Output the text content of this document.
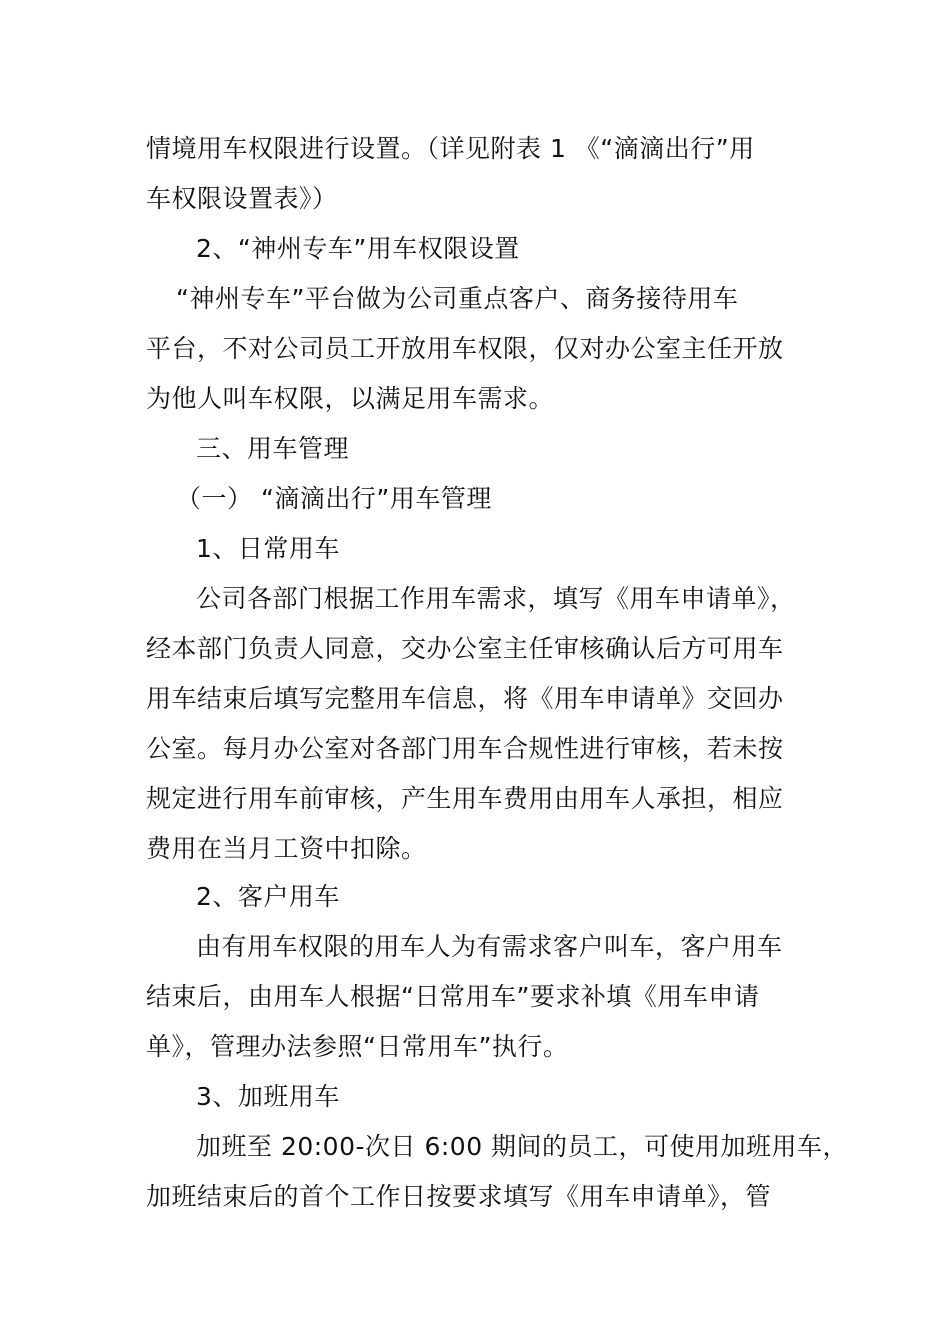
情境用车权限进行设置。（详见附表 1 《“滴滴出行”用
车权限设置表》）
2、“神州专车”用车权限设置
“神州专车”平台做为公司重点客户、商务接待用车
平台，不对公司员工开放用车权限，仅对办公室主任开放
为他人叫车权限，以满足用车需求。
三、用车管理
（一） “滴滴出行”用车管理
1、日常用车
公司各部门根据工作用车需求，填写《用车申请单》，
经本部门负责人同意，交办公室主任审核确认后方可用车
用车结束后填写完整用车信息，将《用车申请单》交回办
公室。每月办公室对各部门用车合规性进行审核，若未按
规定进行用车前审核，产生用车费用由用车人承担，相应
费用在当月工资中扣除。
2、客户用车
由有用车权限的用车人为有需求客户叫车，客户用车
结束后，由用车人根据“日常用车”要求补填《用车申请
单》，管理办法参照“日常用车”执行。
3、加班用车
加班至 20:00-次日 6:00 期间的员工，可使用加班用车，
加班结束后的首个工作日按要求填写《用车申请单》，管
